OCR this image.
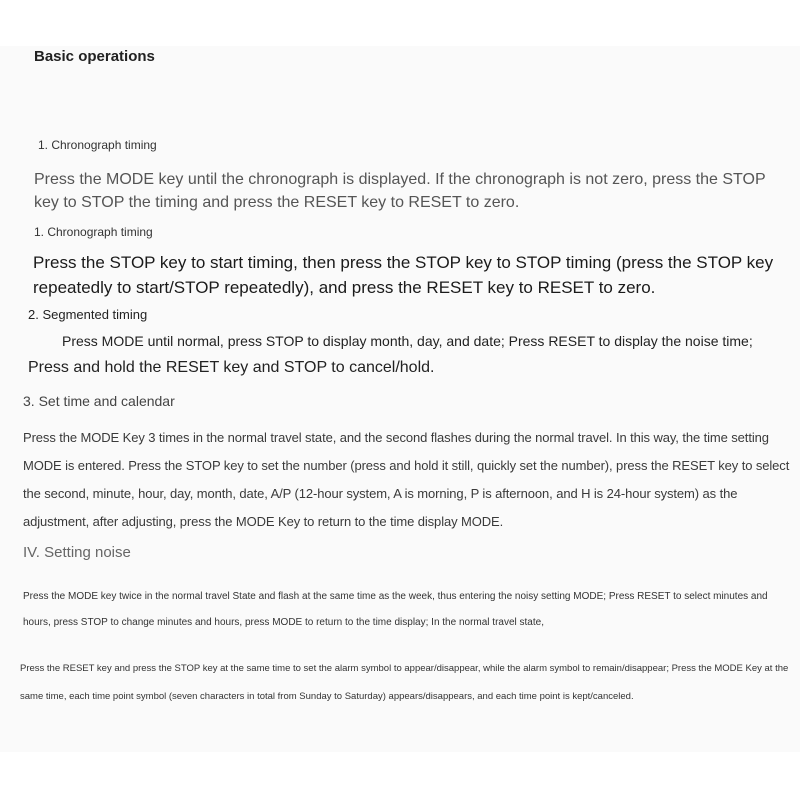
Basic operations
1. Chronograph timing

Press the MODE key until the chronograph is displayed. If the chronograph is not zero, press the STOP key to STOP the timing and press the RESET key to RESET to zero.

1. Chronograph timing

Press the STOP key to start timing, then press the STOP key to STOP timing (press the STOP key repeatedly to start/STOP repeatedly), and press the RESET key to RESET to zero.

2. Segmented timing

Press MODE until normal, press STOP to display month, day, and date; Press RESET to display the noise time;

Press and hold the RESET key and STOP to cancel/hold.

3. Set time and calendar

Press the MODE Key 3 times in the normal travel state, and the second flashes during the normal travel. In this way, the time setting MODE is entered. Press the STOP key to set the number (press and hold it still, quickly set the number), press the RESET key to select the second, minute, hour, day, month, date, A/P (12-hour system, A is morning, P is afternoon, and H is 24-hour system) as the adjustment, after adjusting, press the MODE Key to return to the time display MODE.

IV. Setting noise

Press the MODE key twice in the normal travel State and flash at the same time as the week, thus entering the noisy setting MODE; Press RESET to select minutes and hours, press STOP to change minutes and hours, press MODE to return to the time display; In the normal travel state,

Press the RESET key and press the STOP key at the same time to set the alarm symbol to appear/disappear, while the alarm symbol to remain/disappear; Press the MODE Key at the same time, each time point symbol (seven characters in total from Sunday to Saturday) appears/disappears, and each time point is kept/canceled.
